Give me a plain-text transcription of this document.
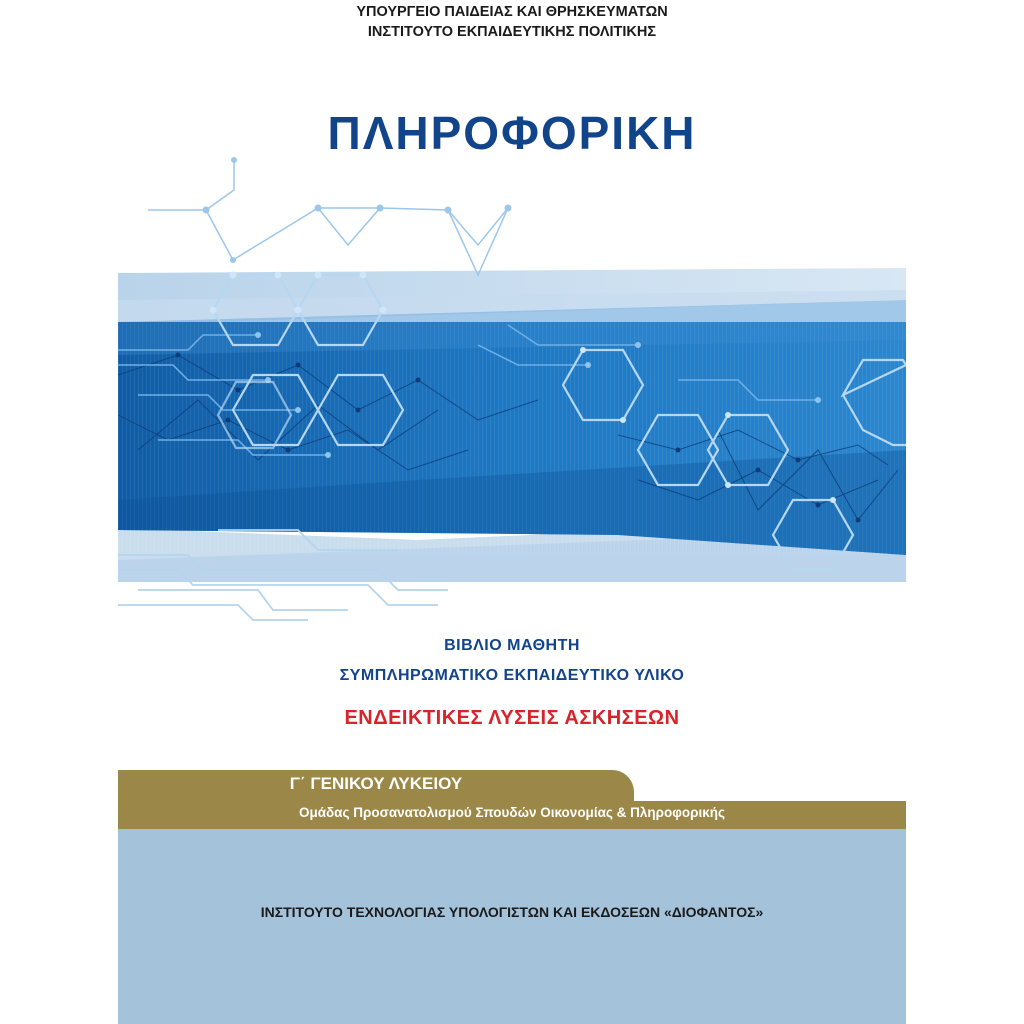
ΥΠΟΥΡΓΕΙΟ ΠΑΙΔΕΙΑΣ ΚΑΙ ΘΡΗΣΚΕΥΜΑΤΩΝ
ΙΝΣΤΙΤΟΥΤΟ ΕΚΠΑΙΔΕΥΤΙΚΗΣ ΠΟΛΙΤΙΚΗΣ
ΠΛΗΡΟΦΟΡΙΚΗ
ΒΙΒΛΙΟ ΜΑΘΗΤΗ
ΣΥΜΠΛΗΡΩΜΑΤΙΚΟ ΕΚΠΑΙΔΕΥΤΙΚΟ ΥΛΙΚΟ
ΕΝΔΕΙΚΤΙΚΕΣ ΛΥΣΕΙΣ ΑΣΚΗΣΕΩΝ
Γ΄ ΓΕΝΙΚΟΥ ΛΥΚΕΙΟΥ
Ομάδας Προσανατολισμού Σπουδών Οικονομίας & Πληροφορικής
ΙΝΣΤΙΤΟΥΤΟ ΤΕΧΝΟΛΟΓΙΑΣ ΥΠΟΛΟΓΙΣΤΩΝ ΚΑΙ ΕΚΔΟΣΕΩΝ «ΔΙΟΦΑΝΤΟΣ»
